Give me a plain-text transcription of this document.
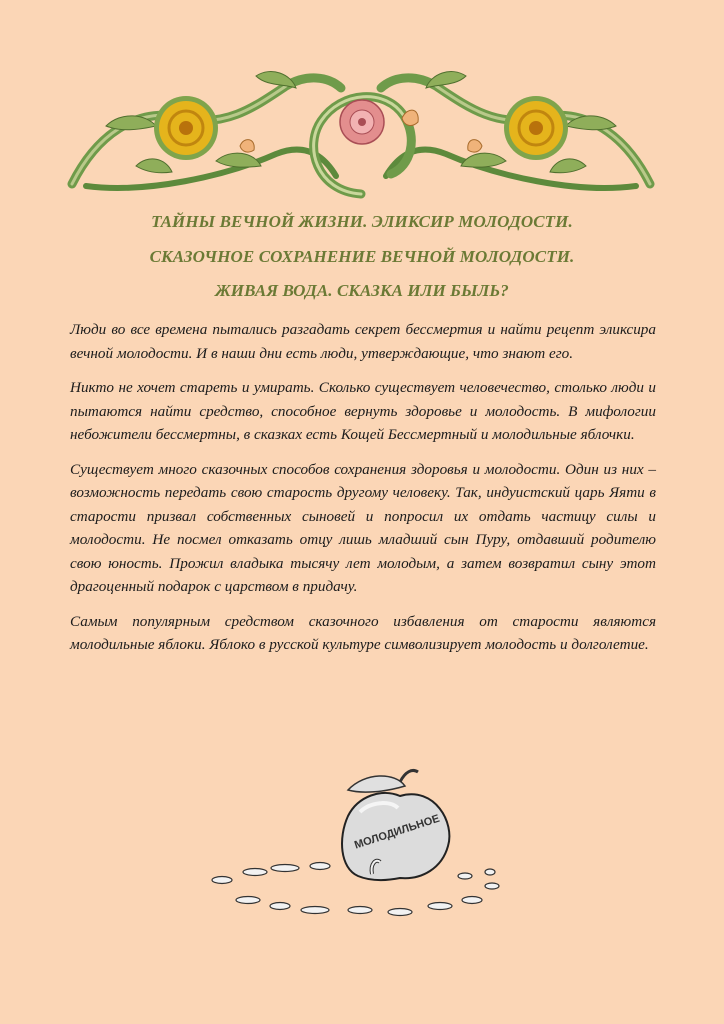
ТАЙНЫ ВЕЧНОЙ ЖИЗНИ. ЭЛИКСИР МОЛОДОСТИ.
СКАЗОЧНОЕ СОХРАНЕНИЕ ВЕЧНОЙ МОЛОДОСТИ.
ЖИВАЯ ВОДА. СКАЗКА ИЛИ БЫЛЬ?

Люди во все времена пытались разгадать секрет бессмертия и найти рецепт эликсира вечной молодости. И в наши дни есть люди, утверждающие, что знают его.

Никто не хочет стареть и умирать. Сколько существует человечество, столько люди и пытаются найти средство, способное вернуть здоровье и молодость. В мифологии небожители бессмертны, в сказках есть Кощей Бессмертный и молодильные яблочки.

Существует много сказочных способов сохранения здоровья и молодости. Один из них – возможность передать свою старость другому человеку. Так, индуистский царь Яяти в старости призвал собственных сыновей и попросил их отдать частицу силы и молодости. Не посмел отказать отцу лишь младший сын Пуру, отдавший родителю свою юность. Прожил владыка тысячу лет молодым, а затем возвратил сыну этот драгоценный подарок с царством в придачу.

Самым популярным средством сказочного избавления от старости являются молодильные яблоки. Яблоко в русской культуре символизирует молодость и долголетие.

МОЛОДИЛЬНОЕ
